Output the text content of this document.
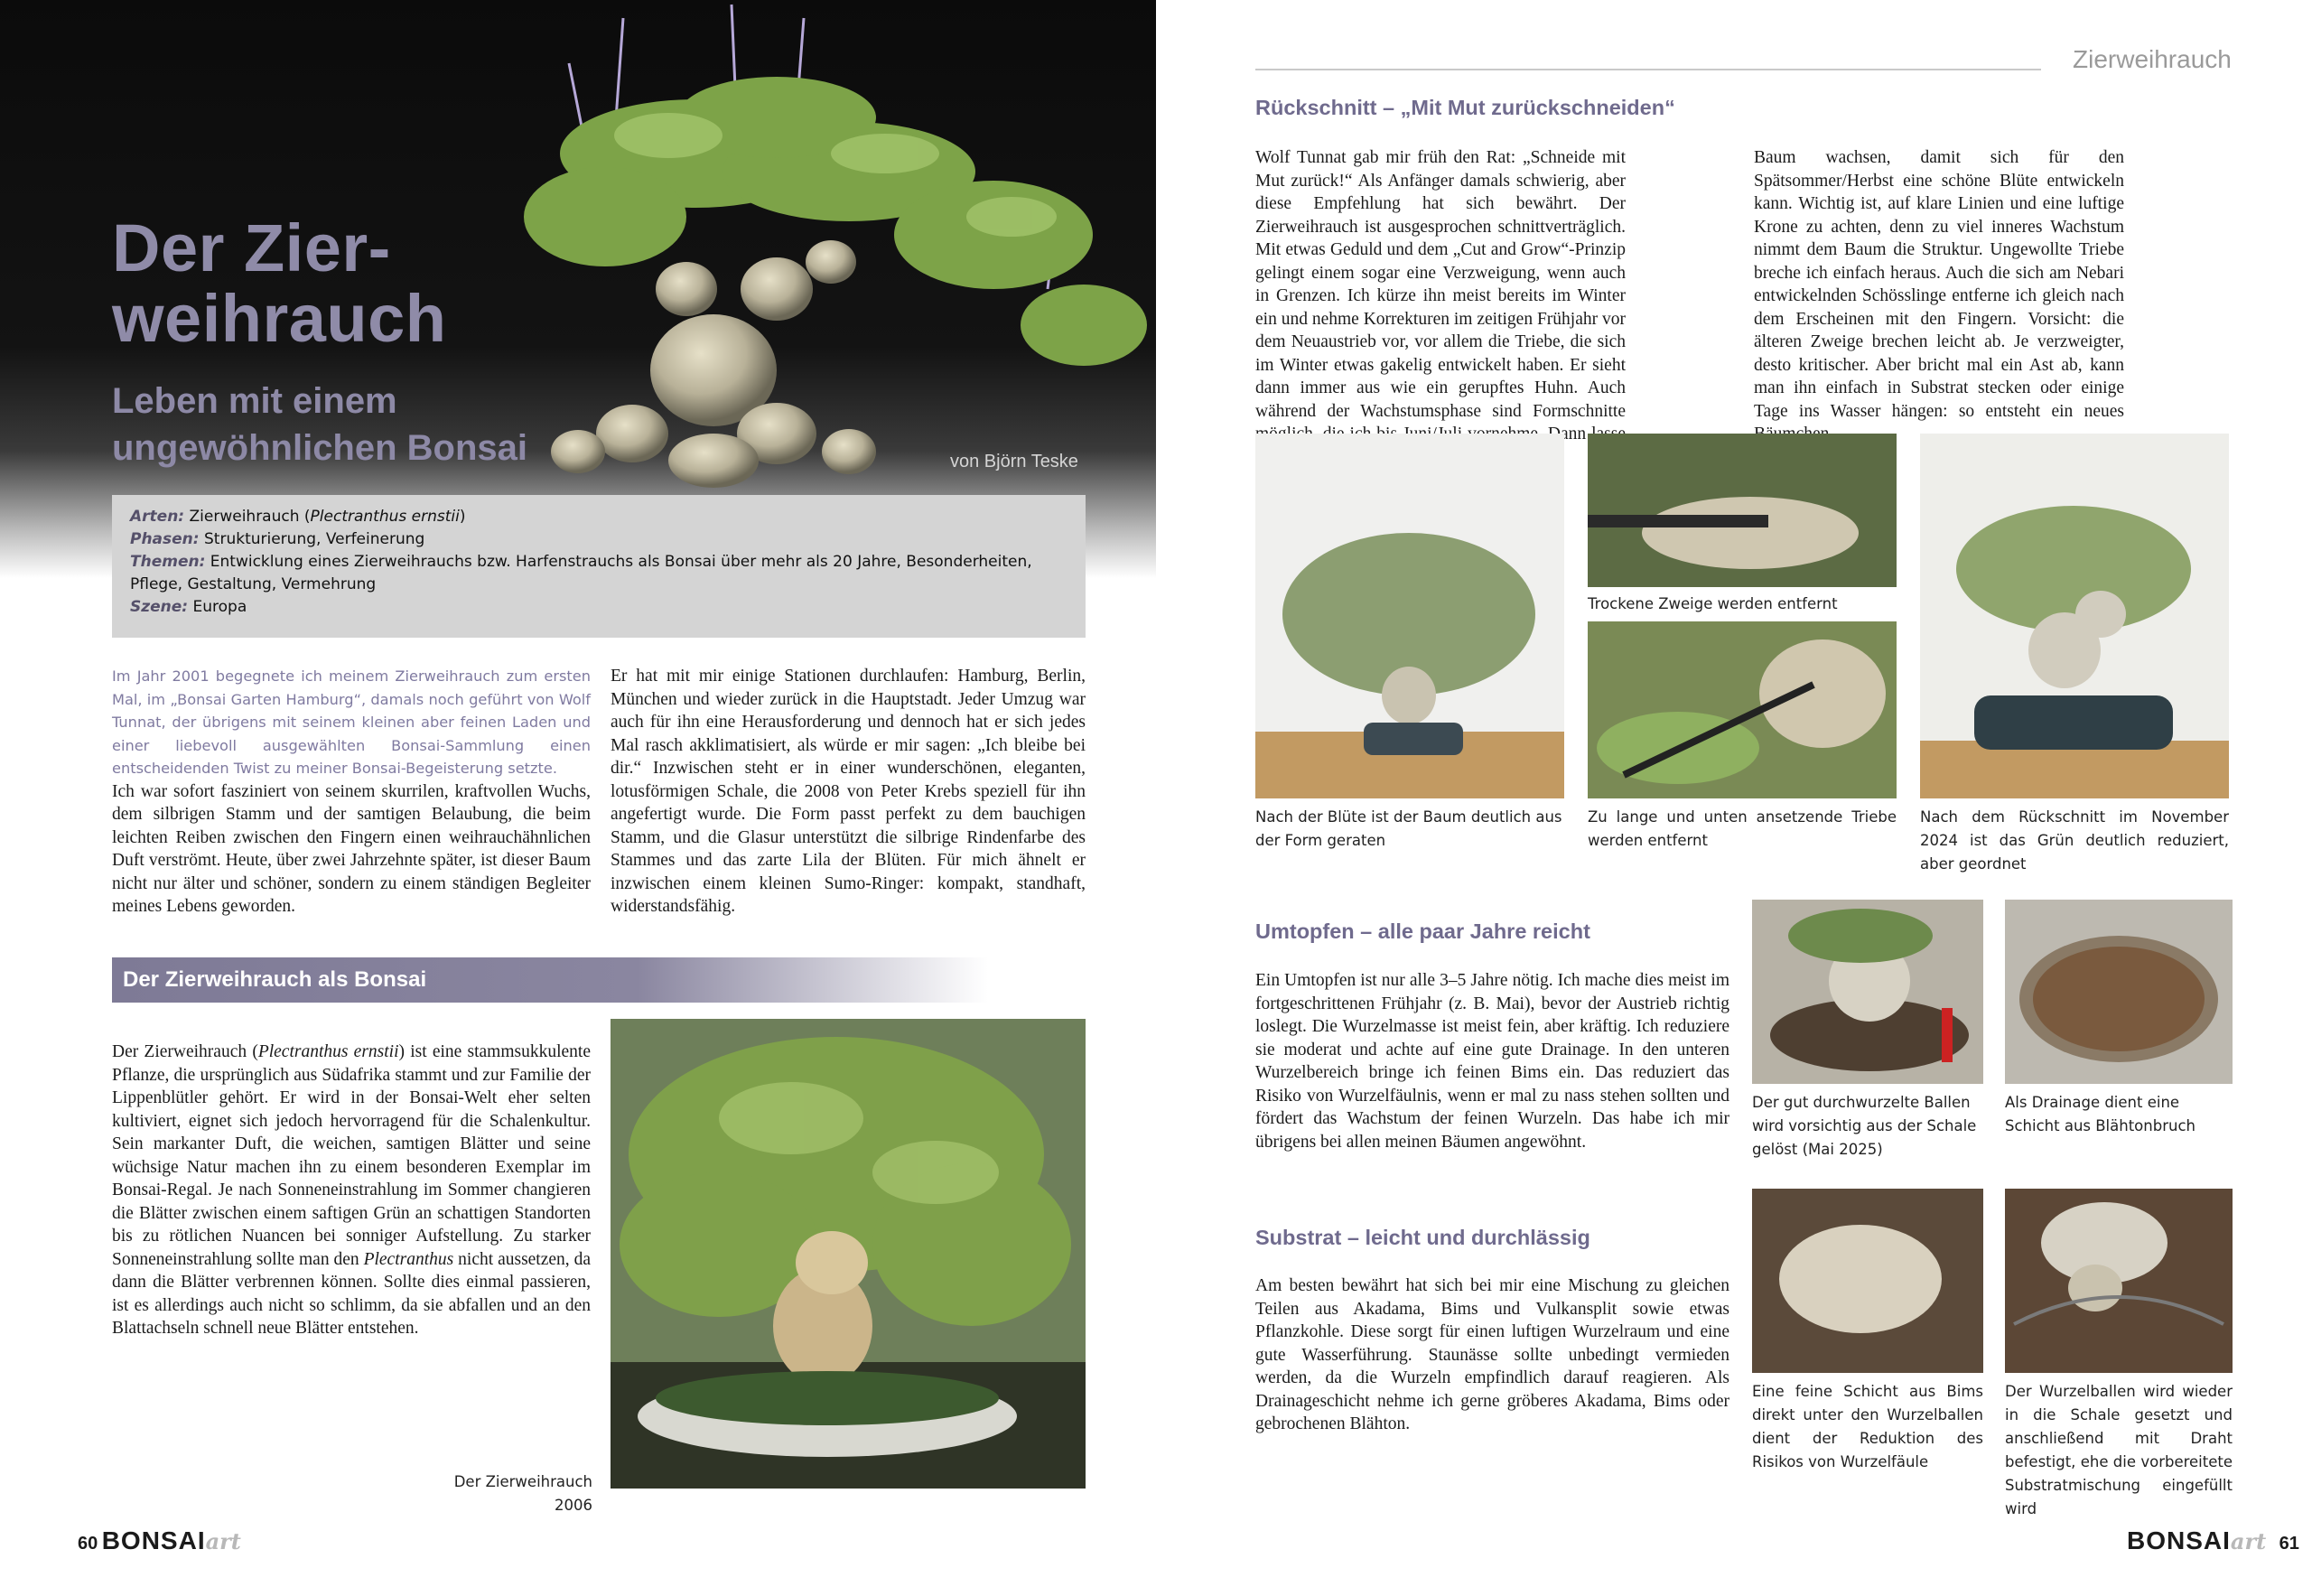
Der Zier-
weihrauch
Leben mit einem
ungewöhnlichen Bonsai	von Björn Teske
Arten: Zierweihrauch (Plectranthus ernstii)
Phasen: Strukturierung, Verfeinerung
Themen: Entwicklung eines Zierweihrauchs bzw. Harfenstrauchs als Bonsai über mehr als 20 Jahre, Besonderheiten, Pflege, Gestaltung, Vermehrung
Szene: Europa

Im Jahr 2001 begegnete ich meinem Zierweihrauch zum ersten Mal, im „Bonsai Garten Hamburg“, damals noch geführt von Wolf Tunnat, der übrigens mit seinem kleinen aber feinen Laden und einer liebevoll ausgewählten Bonsai-Sammlung einen entscheidenden Twist zu meiner Bonsai-Begeisterung setzte.

Ich war sofort fasziniert von seinem skurrilen, kraftvollen Wuchs, dem silbrigen Stamm und der samtigen Belaubung, die beim leichten Reiben zwischen den Fingern einen weihrauchähnlichen Duft verströmt. Heute, über zwei Jahrzehnte später, ist dieser Baum nicht nur älter und schöner, sondern zu einem ständigen Begleiter meines Lebens geworden.

Er hat mit mir einige Stationen durchlaufen: Hamburg, Berlin, München und wieder zurück in die Hauptstadt. Jeder Umzug war auch für ihn eine Herausforderung und dennoch hat er sich jedes Mal rasch akklimatisiert, als würde er mir sagen: „Ich bleibe bei dir.“ Inzwischen steht er in einer wunderschönen, eleganten, lotusförmigen Schale, die 2008 von Peter Krebs speziell für ihn angefertigt wurde. Die Form passt perfekt zu dem bauchigen Stamm, und die Glasur unterstützt die silbrige Rindenfarbe des Stammes und das zarte Lila der Blüten. Für mich ähnelt er inzwischen einem kleinen Sumo-Ringer: kompakt, standhaft, widerstandsfähig.

Der Zierweihrauch als Bonsai

Der Zierweihrauch (Plectranthus ernstii) ist eine stammsukkulente Pflanze, die ursprünglich aus Südafrika stammt und zur Familie der Lippenblütler gehört. Er wird in der Bonsai-Welt eher selten kultiviert, eignet sich jedoch hervorragend für die Schalenkultur. Sein markanter Duft, die weichen, samtigen Blätter und seine wüchsige Natur machen ihn zu einem besonderen Exemplar im Bonsai-Regal. Je nach Sonneneinstrahlung im Sommer changieren die Blätter zwischen einem saftigen Grün an schattigen Standorten bis zu rötlichen Nuancen bei sonniger Aufstellung. Zu starker Sonneneinstrahlung sollte man den Plectranthus nicht aussetzen, da dann die Blätter verbrennen können. Sollte dies einmal passieren, ist es allerdings auch nicht so schlimm, da sie abfallen und an den Blattachseln schnell neue Blätter entstehen.

Der Zierweihrauch 2006
60 BONSAIart
Zierweihrauch
Rückschnitt – „Mit Mut zurückschneiden“
Wolf Tunnat gab mir früh den Rat: „Schneide mit Mut zurück!“ Als Anfänger damals schwierig, aber diese Empfehlung hat sich bewährt. Der Zierweihrauch ist ausgesprochen schnittverträglich. Mit etwas Geduld und dem „Cut and Grow“-Prinzip gelingt einem sogar eine Verzweigung, wenn auch in Grenzen. Ich kürze ihn meist bereits im Winter ein und nehme Korrekturen im zeitigen Frühjahr vor dem Neuaustrieb vor, vor allem die Triebe, die sich im Winter etwas gakelig entwickelt haben. Er sieht dann immer aus wie ein gerupftes Huhn. Auch während der Wachstumsphase sind Formschnitte Dann
Baum wachsen, damit sich für den Spätsommer/Herbst eine schöne Blüte entwickeln kann. Wichtig ist, auf klare Linien und eine luftige Krone zu achten, denn zu viel inneres Wachstum nimmt dem Baum die Struktur. Ungewollte Triebe breche ich einfach heraus. Auch die sich am Nebari entwickelnden Schösslinge entferne ich gleich nach dem Erscheinen mit den Fingern. Vorsicht: die älteren Zweige brechen leicht ab. Je verzweigter, desto kritischer. Aber bricht mal ein Ast ab, kann man ihn einfach in Substrat stecken oder einige Tage ins Wasser hängen: so entsteht ein neues
Nach der Blüte ist der Baum deutlich aus der Form geraten
Trockene Zweige werden entfernt
Zu lange und unten ansetzende Triebe werden entfernt
Nach dem Rückschnitt im November 2024 ist das Grün deutlich reduziert, aber geordnet
Umtopfen – alle paar Jahre reicht
Ein Umtopfen ist nur alle 3–5 Jahre nötig. Ich mache dies meist im fortgeschrittenen Frühjahr (z. B. Mai), bevor der Austrieb richtig loslegt. Die Wurzelmasse ist meist fein, aber kräftig. Ich reduziere sie moderat und achte auf eine gute Drainage. In den unteren Wurzelbereich bringe ich feinen Bims ein. Das reduziert das Risiko von Wurzelfäulnis, wenn er mal zu nass stehen sollten und fördert das Wachstum der feinen Wurzeln. Das habe ich mir übrigens bei allen meinen Bäumen angewöhnt.
Der gut durchwurzelte Ballen wird vorsichtig aus der Schale gelöst (Mai 2025)
Als Drainage dient eine Schicht aus Blähtonbruch
Substrat – leicht und durchlässig
Am besten bewährt hat sich bei mir eine Mischung zu gleichen Teilen aus Akadama, Bims und Vulkansplit sowie etwas Pflanzkohle. Diese sorgt für einen luftigen Wurzelraum und eine gute Wasserführung. Staunässe sollte unbedingt vermieden werden, da die Wurzeln empfindlich darauf reagieren. Als Drainageschicht nehme ich gerne gröberes Akadama, Bims oder gebrochenen Blähton.
Eine feine Schicht aus Bims direkt unter den Wurzelballen dient der Reduktion des Risikos von Wurzelfäule
Der Wurzelballen wird wieder in die Schale gesetzt und anschließend mit Draht befestigt, ehe die vorbereitete Substratmischung eingefüllt wird
BONSAIart 61
